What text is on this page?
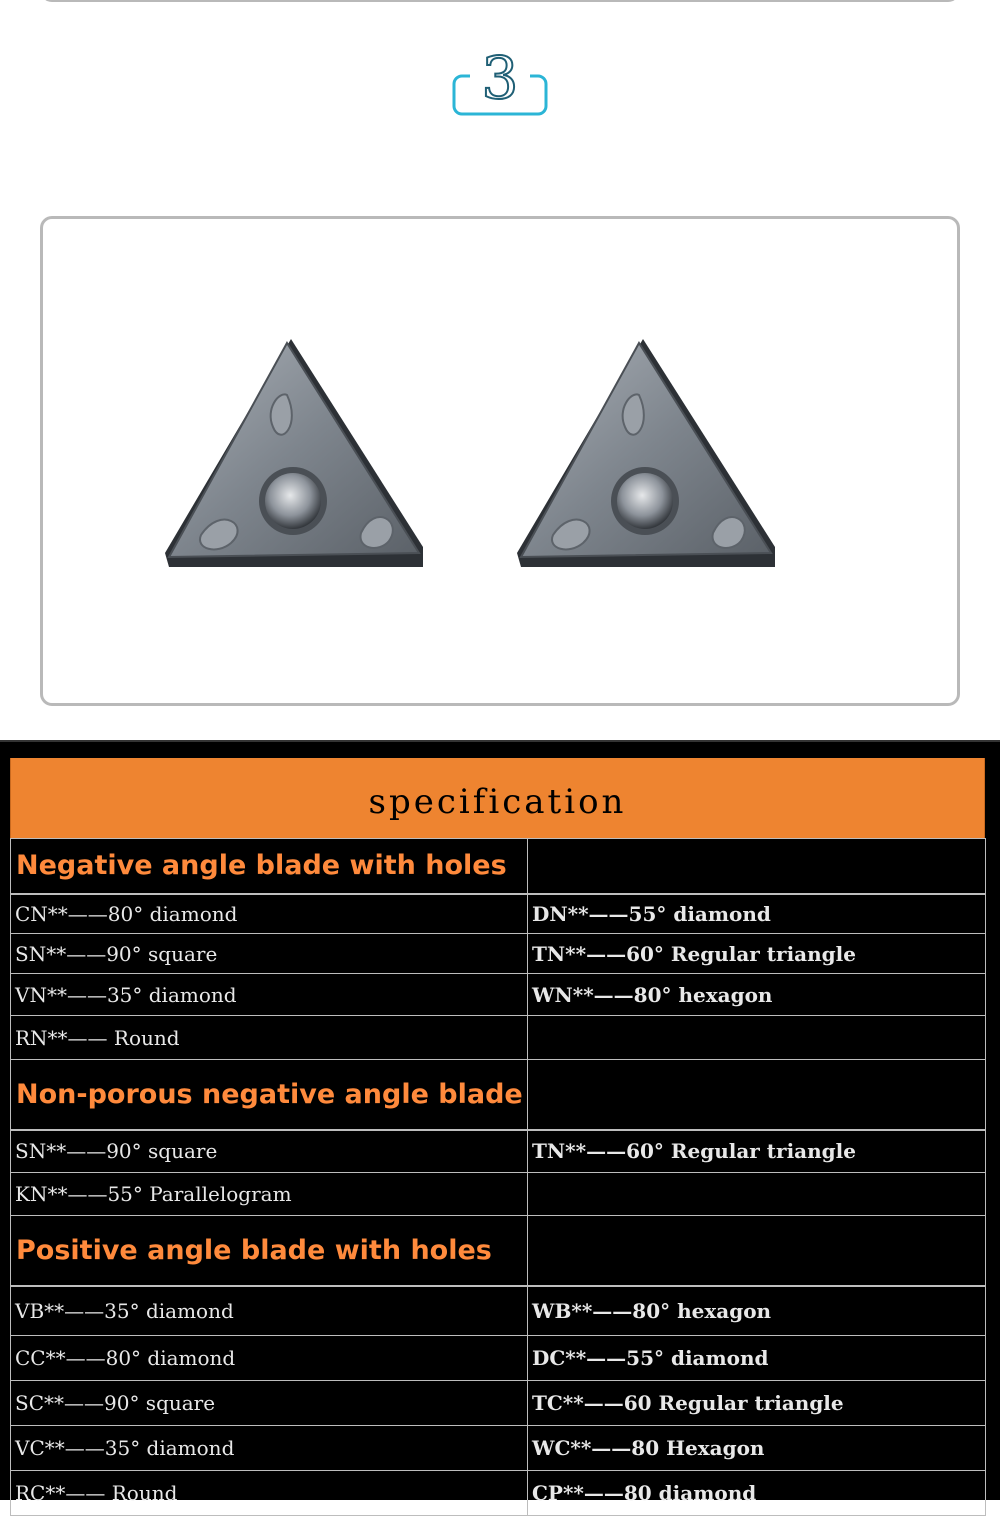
3
specification
Negative angle blade with holes	
CN**——80° diamond	DN**——55° diamond
SN**——90° square	TN**——60° Regular triangle
VN**——35° diamond	WN**——80° hexagon
RN**—— Round	
Non-porous negative angle blade	
SN**——90° square	TN**——60° Regular triangle
KN**——55° Parallelogram	
Positive angle blade with holes	
VB**——35° diamond	WB**——80° hexagon
CC**——80° diamond	DC**——55° diamond
SC**——90° square	TC**——60 Regular triangle
VC**——35° diamond	WC**——80 Hexagon
RC**—— Round	CP**——80 diamond
